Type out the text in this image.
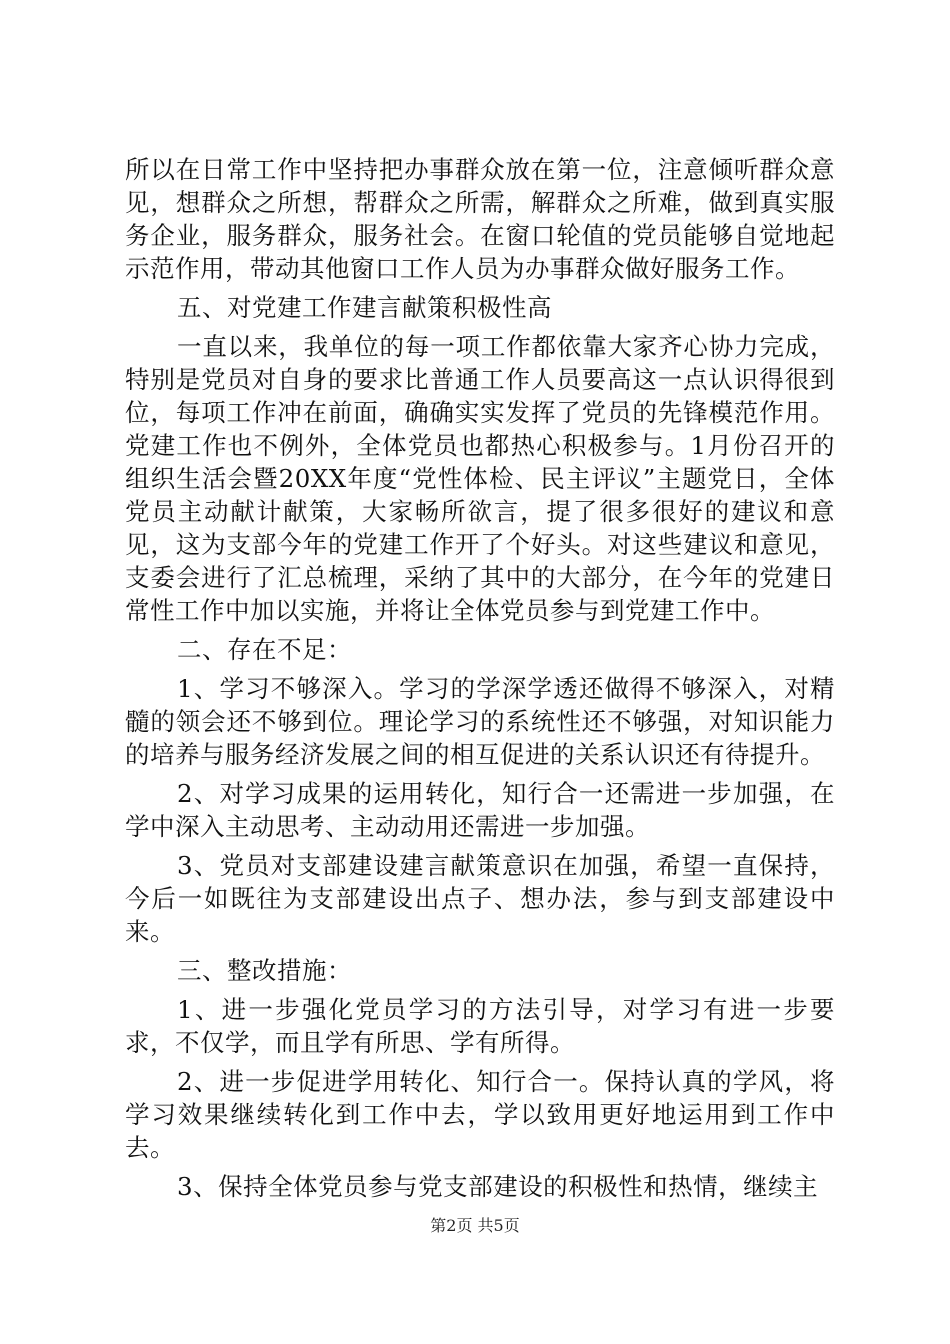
所以在日常工作中坚持把办事群众放在第一位，注意倾听群众意见，想群众之所想，帮群众之所需，解群众之所难，做到真实服务企业，服务群众，服务社会。在窗口轮值的党员能够自觉地起示范作用，带动其他窗口工作人员为办事群众做好服务工作。

五、对党建工作建言献策积极性高

一直以来，我单位的每一项工作都依靠大家齐心协力完成，特别是党员对自身的要求比普通工作人员要高这一点认识得很到位，每项工作冲在前面，确确实实发挥了党员的先锋模范作用。党建工作也不例外，全体党员也都热心积极参与。1月份召开的组织生活会暨20XX年度“党性体检、民主评议”主题党日，全体党员主动献计献策，大家畅所欲言，提了很多很好的建议和意见，这为支部今年的党建工作开了个好头。对这些建议和意见，支委会进行了汇总梳理，采纳了其中的大部分，在今年的党建日常性工作中加以实施，并将让全体党员参与到党建工作中。

二、存在不足：

1、学习不够深入。学习的学深学透还做得不够深入，对精髓的领会还不够到位。理论学习的系统性还不够强，对知识能力的培养与服务经济发展之间的相互促进的关系认识还有待提升。

2、对学习成果的运用转化，知行合一还需进一步加强，在学中深入主动思考、主动动用还需进一步加强。

3、党员对支部建设建言献策意识在加强，希望一直保持，今后一如既往为支部建设出点子、想办法，参与到支部建设中来。

三、整改措施：

1、进一步强化党员学习的方法引导，对学习有进一步要求，不仅学，而且学有所思、学有所得。

2、进一步促进学用转化、知行合一。保持认真的学风，将学习效果继续转化到工作中去，学以致用更好地运用到工作中去。

3、保持全体党员参与党支部建设的积极性和热情，继续主

第2页 共5页
